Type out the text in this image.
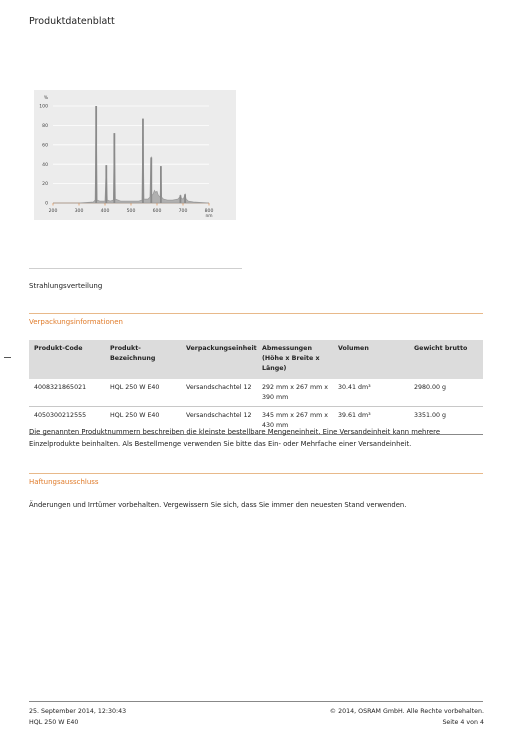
Produktdatenblatt
200	300	400	500	600	700	800
0
20
40
60
80
100
%
nm
Strahlungsverteilung
Verpackungsinformationen
Produkt-Code	Produkt-Bezeichnung	Verpackungseinheit	Abmessungen (Höhe x Breite x Länge)	Volumen	Gewicht brutto
4008321865021	HQL 250 W E40	Versandschachtel 12	292 mm x 267 mm x 390 mm	30.41 dm³	2980.00 g
4050300212555	HQL 250 W E40	Versandschachtel 12	345 mm x 267 mm x 430 mm	39.61 dm³	3351.00 g
Die genannten Produktnummern beschreiben die kleinste bestellbare Mengeneinheit. Eine Versandeinheit kann mehrere Einzelprodukte beinhalten. Als Bestellmenge verwenden Sie bitte das Ein- oder Mehrfache einer Versandeinheit.
Haftungsausschluss
Änderungen und Irrtümer vorbehalten. Vergewissern Sie sich, dass Sie immer den neuesten Stand verwenden.
25. September 2014, 12:30:43
HQL 250 W E40
© 2014, OSRAM GmbH. Alle Rechte vorbehalten.
Seite 4 von 4
